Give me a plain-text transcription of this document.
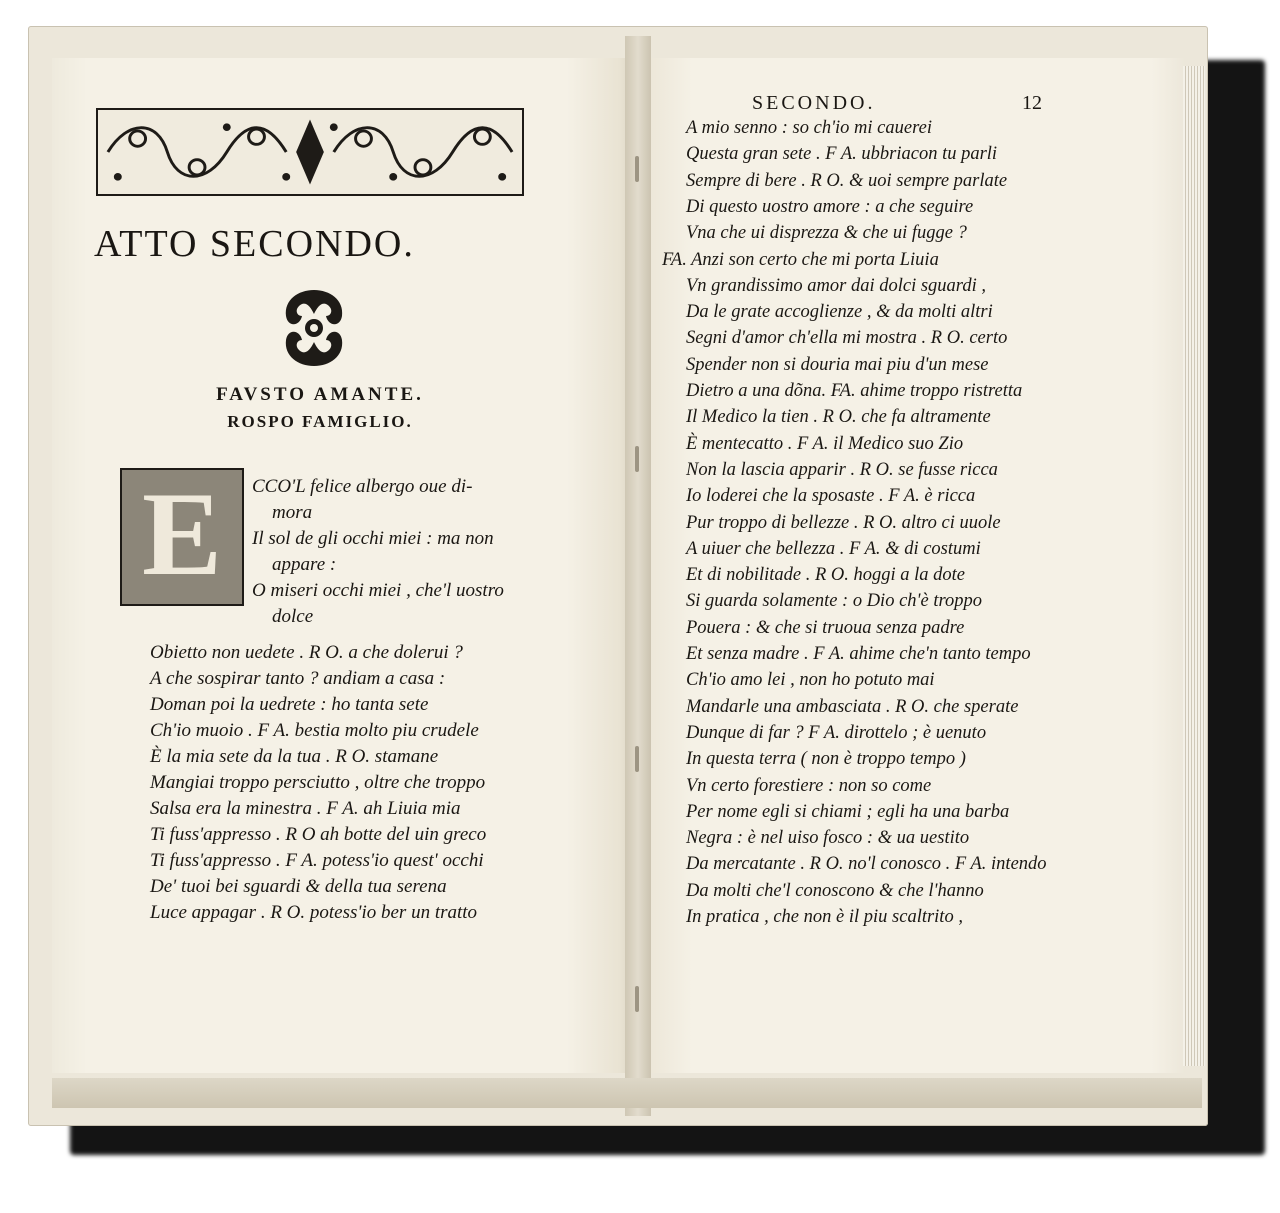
ATTO SECONDO.
FAVSTO AMANTE.
ROSPO FAMIGLIO.
E	CCO'L felice albergo oue di-
mora
Il sol de gli occhi miei : ma non
appare :
O miseri occhi miei , che'l uostro
dolce
Obietto non uedete . R O. a che dolerui ?
A che sospirar tanto ? andiam a casa :
Doman poi la uedrete : ho tanta sete
Ch'io muoio . F A. bestia molto piu crudele
È la mia sete da la tua . R O. stamane
Mangiai troppo persciutto , oltre che troppo
Salsa era la minestra . F A. ah Liuia mia
Ti fuss'appresso . R O ah botte del uin greco
Ti fuss'appresso . F A. potess'io quest' occhi
De' tuoi bei sguardi & della tua serena
Luce appagar . R O. potess'io ber un tratto
SECONDO.	12
A mio senno : so ch'io mi cauerei
Questa gran sete . F A. ubbriacon tu parli
Sempre di bere . R O. & uoi sempre parlate
Di questo uostro amore : a che seguire
Vna che ui disprezza & che ui fugge ?
FA. Anzi son certo che mi porta Liuia
Vn grandissimo amor dai dolci sguardi ,
Da le grate accoglienze , & da molti altri
Segni d'amor ch'ella mi mostra . R O. certo
Spender non si douria mai piu d'un mese
Dietro a una dõna. FA. ahime troppo ristretta
Il Medico la tien . R O. che fa altramente
È mentecatto . F A. il Medico suo Zio
Non la lascia apparir . R O. se fusse ricca
Io loderei che la sposaste . F A. è ricca
Pur troppo di bellezze . R O. altro ci uuole
A uiuer che bellezza . F A. & di costumi
Et di nobilitade . R O. hoggi a la dote
Si guarda solamente : o Dio ch'è troppo
Pouera : & che si truoua senza padre
Et senza madre . F A. ahime che'n tanto tempo
Ch'io amo lei , non ho potuto mai
Mandarle una ambasciata . R O. che sperate
Dunque di far ? F A. dirottelo ; è uenuto
In questa terra ( non è troppo tempo )
Vn certo forestiere : non so come
Per nome egli si chiami ; egli ha una barba
Negra : è nel uiso fosco : & ua uestito
Da mercatante . R O. no'l conosco . F A. intendo
Da molti che'l conoscono & che l'hanno
In pratica , che non è il piu scaltrito ,
